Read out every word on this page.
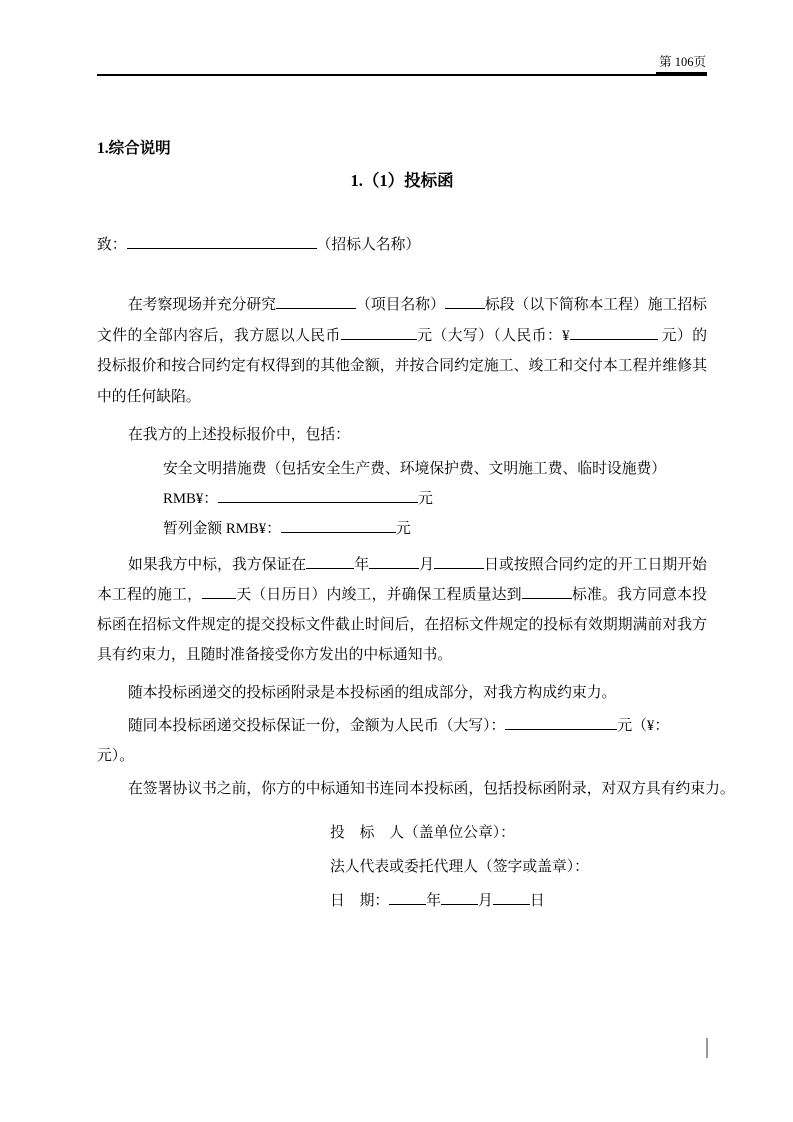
第 106页
1.综合说明
1.（1）投标函

致：	（招标人名称）

在考察现场并充分研究	（项目名称）	标段（以下简称本工程）施工招标文件的全部内容后，我方愿以人民币	元（大写）（人民币：¥	元）的投标报价和按合同约定有权得到的其他金额，并按合同约定施工、竣工和交付本工程并维修其中的任何缺陷。

在我方的上述投标报价中，包括：

安全文明措施费（包括安全生产费、环境保护费、文明施工费、临时设施费）

RMB¥：	元

暂列金额 RMB¥：	元

如果我方中标，我方保证在	年	月	日或按照合同约定的开工日期开始本工程的施工， 天（日历日）内竣工，并确保工程质量达到	标准。我方同意本投标函在招标文件规定的提交投标文件截止时间后，在招标文件规定的投标有效期期满前对我方具有约束力，且随时准备接受你方发出的中标通知书。

随本投标函递交的投标函附录是本投标函的组成部分，对我方构成约束力。

随同本投标函递交投标保证一份，金额为人民币（大写）：	元（¥：
元）。

在签署协议书之前，你方的中标通知书连同本投标函，包括投标函附录，对双方具有约束力。

投　标　人（盖单位公章）：

法人代表或委托代理人（签字或盖章）：

日　期：	年	月	日
